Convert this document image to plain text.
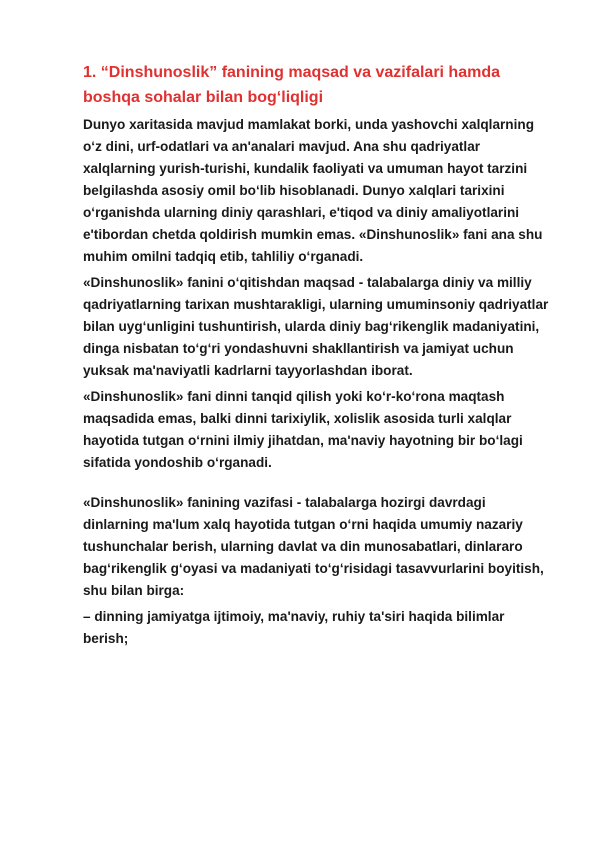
1. “Dinshunoslik” fanining maqsad va vazifalari hamda boshqa sohalar bilan bog‘liqligi

Dunyo xaritasida mavjud mamlakat borki, unda yashovchi xalqlarning o‘z dini, urf-odatlari va an'analari mavjud. Ana shu qadriyatlar xalqlarning yurish-turishi, kundalik faoliyati va umuman hayot tarzini belgilashda asosiy omil bo‘lib hisoblanadi. Dunyo xalqlari tarixini o‘rganishda ularning diniy qarashlari, e'tiqod va diniy amaliyotlarini e'tibordan chetda qoldirish mumkin emas. «Dinshunoslik» fani ana shu muhim omilni tadqiq etib, tahliliy o‘rganadi.

«Dinshunoslik» fanini o‘qitishdan maqsad - talabalarga diniy va milliy qadriyatlarning tarixan mushtarakligi, ularning umuminsoniy qadriyatlar bilan uyg‘unligini tushuntirish, ularda diniy bag‘rikenglik madaniyatini, dinga nisbatan to‘g‘ri yondashuvni shakllantirish va jamiyat uchun yuksak ma'naviyatli kadrlarni tayyorlashdan iborat.

«Dinshunoslik» fani dinni tanqid qilish yoki ko‘r-ko‘rona maqtash maqsadida emas, balki dinni tarixiylik, xolislik asosida turli xalqlar hayotida tutgan o‘rnini ilmiy jihatdan, ma'naviy hayotning bir bo‘lagi sifatida yondoshib o‘rganadi.

«Dinshunoslik» fanining vazifasi - talabalarga hozirgi davrdagi dinlarning ma'lum xalq hayotida tutgan o‘rni haqida umumiy nazariy tushunchalar berish, ularning davlat va din munosabatlari, dinlararo bag‘rikenglik g‘oyasi va madaniyati to‘g‘risidagi tasavvurlarini boyitish, shu bilan birga:

– dinning jamiyatga ijtimoiy, ma'naviy, ruhiy ta'siri haqida bilimlar berish;
